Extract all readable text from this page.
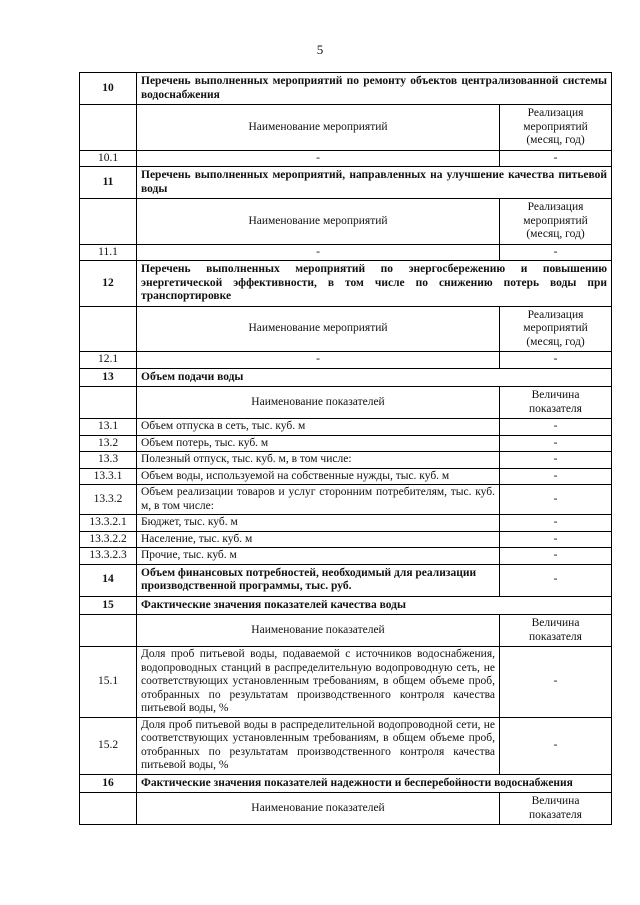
5
10	Перечень выполненных мероприятий по ремонту объектов централизованной системы водоснабжения	
	Наименование мероприятий	Реализация мероприятий (месяц, год)
10.1	-	-
11	Перечень выполненных мероприятий, направленных на улучшение качества питьевой воды	
	Наименование мероприятий	Реализация мероприятий (месяц, год)
11.1	-	-
12	Перечень выполненных мероприятий по энергосбережению и повышению энергетической эффективности, в том числе по снижению потерь воды при транспортировке	
	Наименование мероприятий	Реализация мероприятий (месяц, год)
12.1	-	-
13	Объем подачи воды	
	Наименование показателей	Величина показателя
13.1	Объем отпуска в сеть, тыс. куб. м	-
13.2	Объем потерь, тыс. куб. м	-
13.3	Полезный отпуск, тыс. куб. м, в том числе:	-
13.3.1	Объем воды, используемой на собственные нужды, тыс. куб. м	-
13.3.2	Объем реализации товаров и услуг сторонним потребителям, тыс. куб. м, в том числе:	-
13.3.2.1	Бюджет, тыс. куб. м	-
13.3.2.2	Население, тыс. куб. м	-
13.3.2.3	Прочие, тыс. куб. м	-
14	Объем финансовых потребностей, необходимый для реализации производственной программы, тыс. руб.	-
15	Фактические значения показателей качества воды	
	Наименование показателей	Величина показателя
15.1	Доля проб питьевой воды, подаваемой с источников водоснабжения, водопроводных станций в распределительную водопроводную сеть, не соответствующих установленным требованиям, в общем объеме проб, отобранных по результатам производственного контроля качества питьевой воды, %	-
15.2	Доля проб питьевой воды в распределительной водопроводной сети, не соответствующих установленным требованиям, в общем объеме проб, отобранных по результатам производственного контроля качества питьевой воды, %	-
16	Фактические значения показателей надежности и бесперебойности водоснабжения	
	Наименование показателей	Величина показателя
